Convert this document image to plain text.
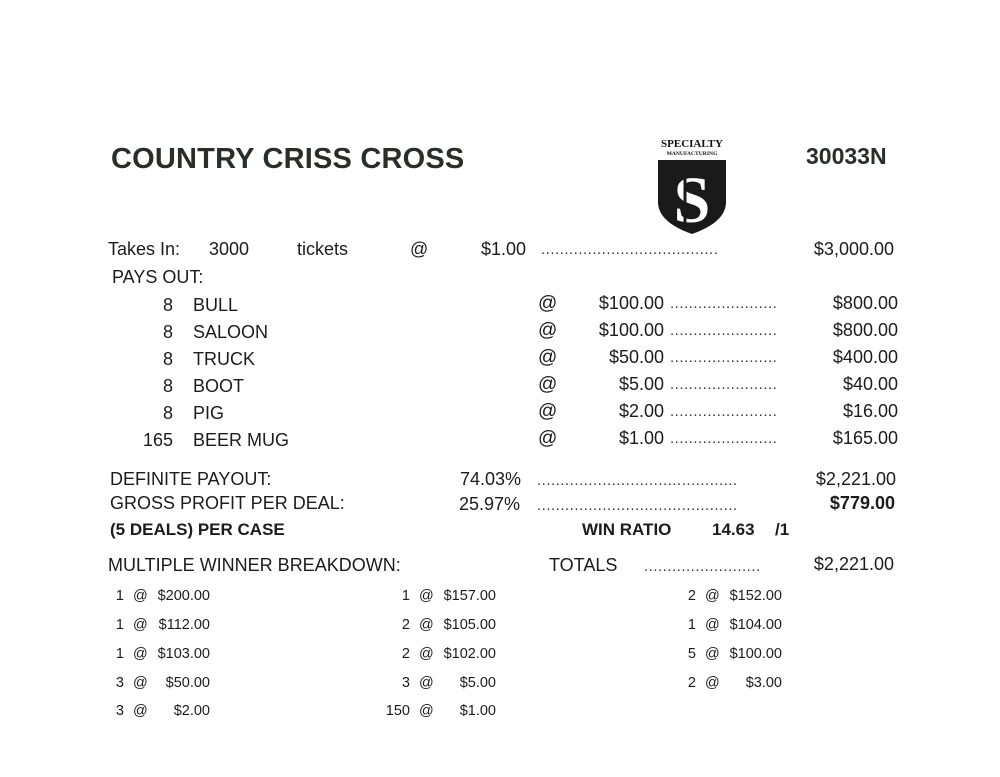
COUNTRY CRISS CROSS	SPECIALTY
MANUFACTURING
S
30033N
Takes In: 3000	tickets	@	$1.00 ......................................	$3,000.00
PAYS OUT:
8 BULL	@	$100.00 .......................	$800.00
8 SALOON	@	$100.00 .......................	$800.00
8 TRUCK	@	$50.00 .......................	$400.00
8 BOOT	@	$5.00 .......................	$40.00
8 PIG	@	$2.00 .......................	$16.00
165 BEER MUG	@	$1.00 .......................	$165.00
DEFINITE PAYOUT:	74.03% ...........................................	$2,221.00
GROSS PROFIT PER DEAL:	25.97% ...........................................	$779.00
(5 DEALS) PER CASE	WIN RATIO 14.63 /1
MULTIPLE WINNER BREAKDOWN:	TOTALS .........................	$2,221.00
1 @ $200.00
1 @ $112.00
1 @ $103.00
3 @	$50.00
3 @	$2.00
1 @ $157.00
2 @ $105.00
2 @ $102.00
3 @	$5.00
150 @	$1.00
2 @ $152.00
1 @ $104.00
5 @ $100.00
2 @	$3.00
